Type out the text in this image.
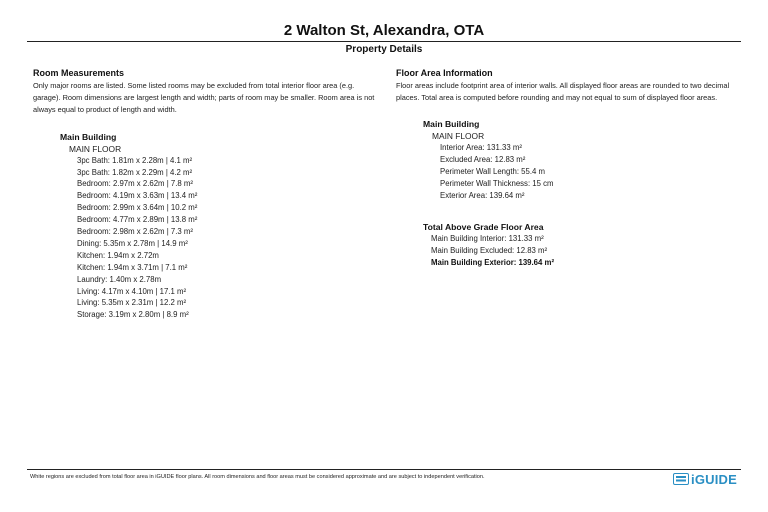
2 Walton St, Alexandra, OTA
Property Details
Room Measurements

Only major rooms are listed. Some listed rooms may be excluded from total interior floor area (e.g. garage). Room dimensions are largest length and width; parts of room may be smaller. Room area is not always equal to product of length and width.

Main Building
MAIN FLOOR
3pc Bath: 1.81m x 2.28m | 4.1 m²
3pc Bath: 1.82m x 2.29m | 4.2 m²
Bedroom: 2.97m x 2.62m | 7.8 m²
Bedroom: 4.19m x 3.63m | 13.4 m²
Bedroom: 2.99m x 3.64m | 10.2 m²
Bedroom: 4.77m x 2.89m | 13.8 m²
Bedroom: 2.98m x 2.62m | 7.3 m²
Dining: 5.35m x 2.78m | 14.9 m²
Kitchen: 1.94m x 2.72m
Kitchen: 1.94m x 3.71m | 7.1 m²
Laundry: 1.40m x 2.78m
Living: 4.17m x 4.10m | 17.1 m²
Living: 5.35m x 2.31m | 12.2 m²
Storage: 3.19m x 2.80m | 8.9 m²
Floor Area Information

Floor areas include footprint area of interior walls. All displayed floor areas are rounded to two decimal places. Total area is computed before rounding and may not equal to sum of displayed floor areas.

Main Building
MAIN FLOOR
Interior Area: 131.33 m²
Excluded Area: 12.83 m²
Perimeter Wall Length: 55.4 m
Perimeter Wall Thickness: 15 cm
Exterior Area: 139.64 m²
Total Above Grade Floor Area
Main Building Interior: 131.33 m²
Main Building Excluded: 12.83 m²
Main Building Exterior: 139.64 m²
White regions are excluded from total floor area in iGUIDE floor plans. All room dimensions and floor areas must be considered approximate and are subject to independent verification.	iGUIDE
